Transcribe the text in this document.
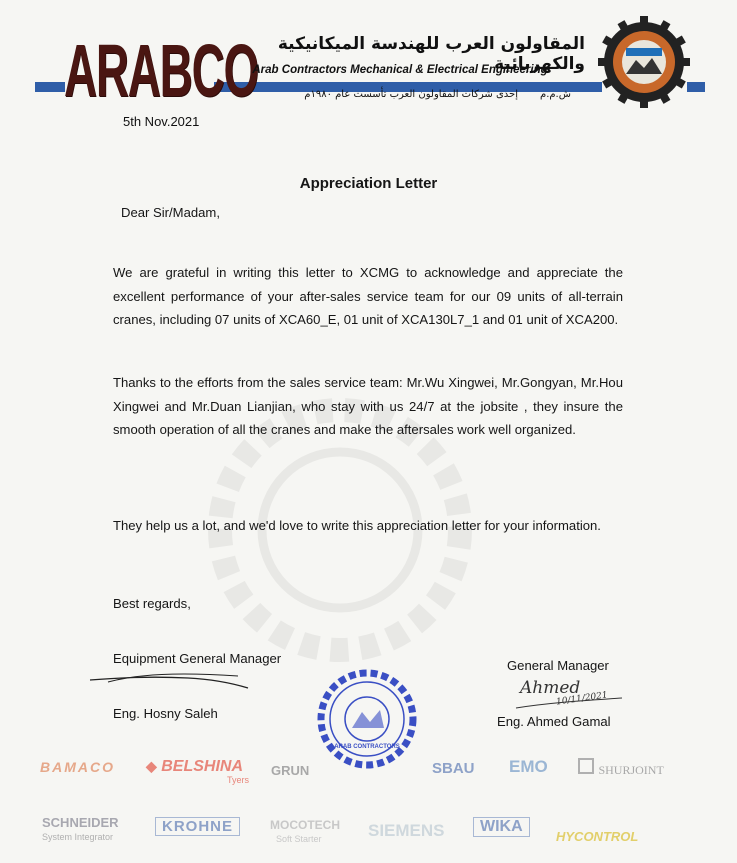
ARABCO	المقاولون العرب للهندسة الميكانيكية والكهربائية
Arab Contractors Mechanical & Electrical Engineering
ش.م.م
إحدى شركات المقاولون العرب تأسست عام ١٩٨٠م
5th Nov.2021
Appreciation Letter
Dear Sir/Madam,

We are grateful in writing this letter to XCMG to acknowledge and appreciate the excellent performance of your after-sales service team for our 09 units of all-terrain cranes, including 07 units of XCA60_E, 01 unit of XCA130L7_1 and 01 unit of XCA200.

Thanks to the efforts from the sales service team: Mr.Wu Xingwei, Mr.Gongyan, Mr.Hou Xingwei and Mr.Duan Lianjian, who stay with us 24/7 at the jobsite , they insure the smooth operation of all the cranes and make the aftersales work well organized.

They help us a lot, and we'd love to write this appreciation letter for your information.

Best regards,
Equipment General Manager
Eng. Hosny Saleh
ARAB CONTRACTORS
General Manager
Ahmed
10/11/2021
Eng. Ahmed Gamal
BAMACO ◆ BELSHINA
Tyers
GRUN	SBAU EMO	SHURJOINT
SCHNEIDER
System Integrator
KROHNE	MOCOTECH
Soft Starter	SIEMENS	WIKA
HYCONTROL
